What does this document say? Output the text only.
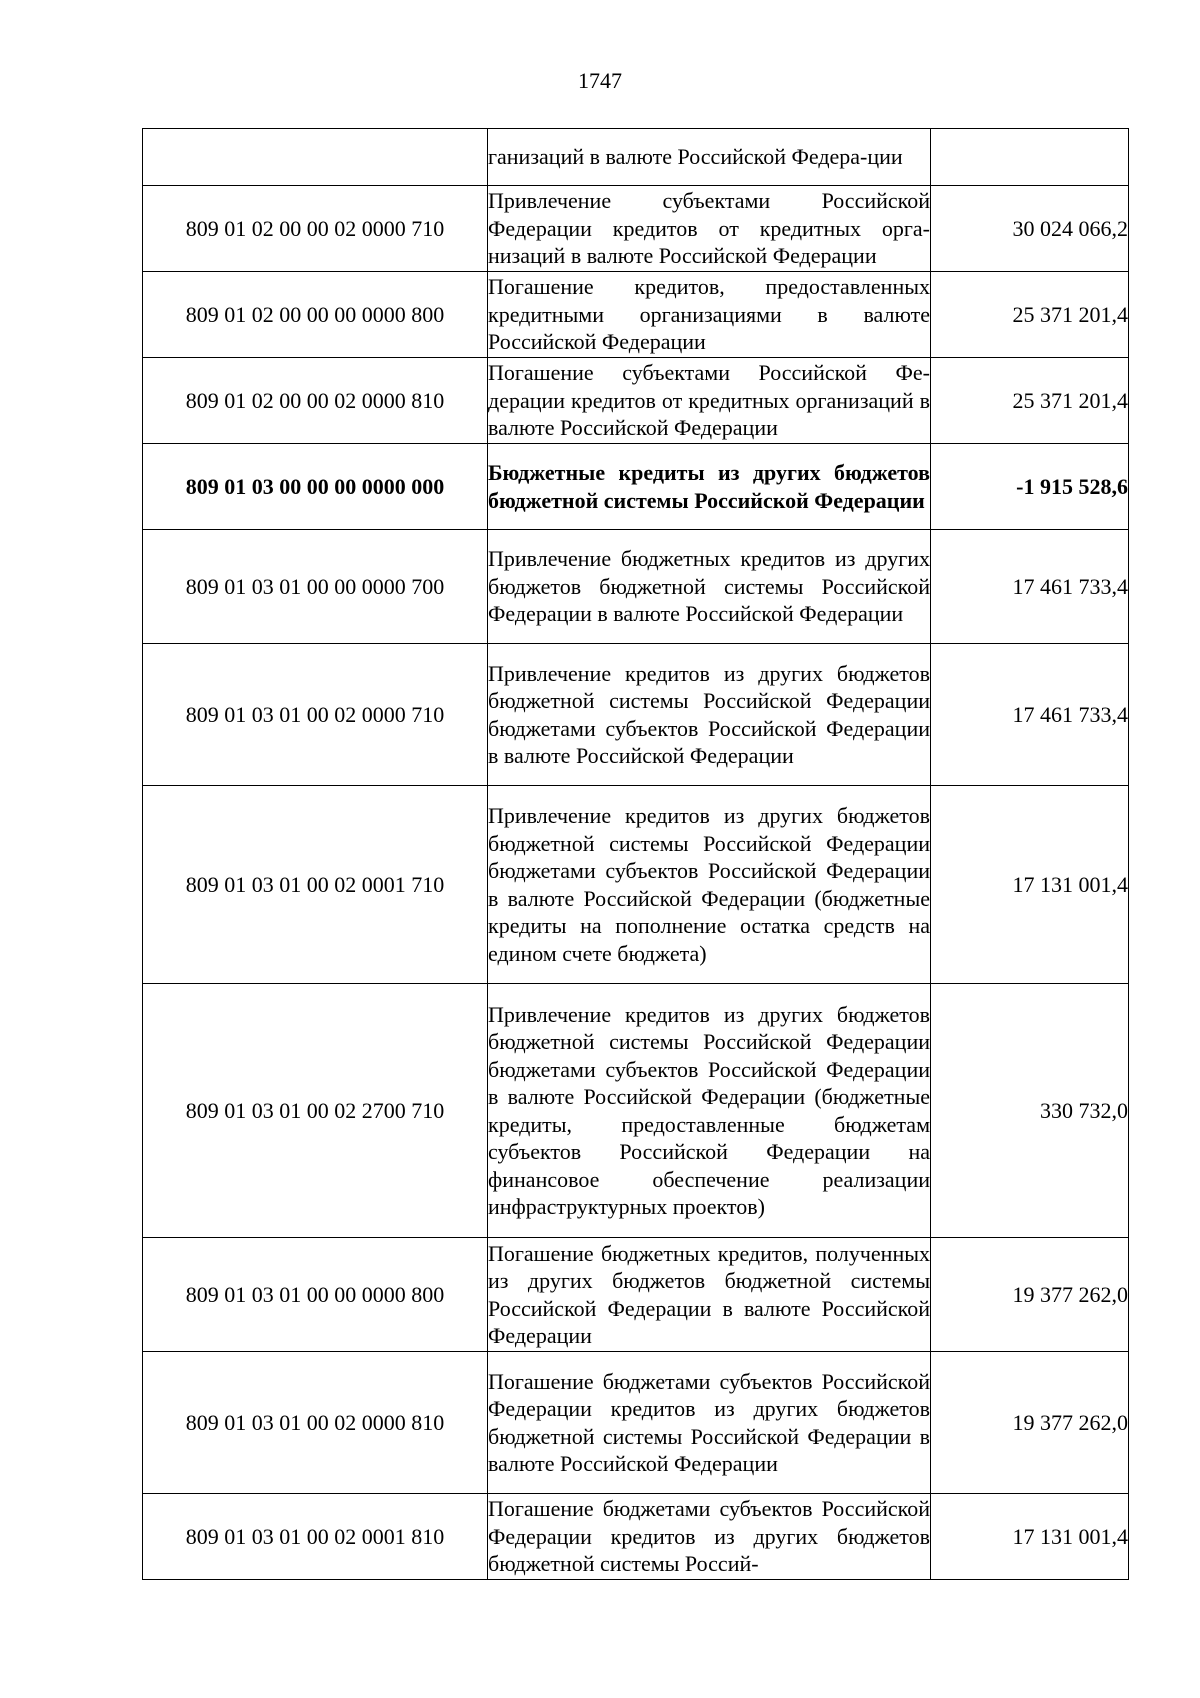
1747
	ганизаций в валюте Российской Федера-ции	
809 01 02 00 00 02 0000 710	Привлечение субъектами Российской Федерации кредитов от кредитных организаций в валюте Российской Федерации	30 024 066,2
809 01 02 00 00 00 0000 800	Погашение кредитов, предоставленных кредитными организациями в валюте Российской Федерации	25 371 201,4
809 01 02 00 00 02 0000 810	Погашение субъектами Российской Федерации кредитов от кредитных организаций в валюте Российской Федерации	25 371 201,4
809 01 03 00 00 00 0000 000	Бюджетные кредиты из других бюджетов бюджетной системы Российской Федерации	-1 915 528,6
809 01 03 01 00 00 0000 700	Привлечение бюджетных кредитов из других бюджетов бюджетной системы Российской Федерации в валюте Российской Федерации	17 461 733,4
809 01 03 01 00 02 0000 710	Привлечение кредитов из других бюджетов бюджетной системы Российской Федерации бюджетами субъектов Российской Федерации в валюте Российской Федерации	17 461 733,4
809 01 03 01 00 02 0001 710	Привлечение кредитов из других бюджетов бюджетной системы Российской Федерации бюджетами субъектов Российской Федерации в валюте Российской Федерации (бюджетные кредиты на пополнение остатка средств на едином счете бюджета)	17 131 001,4
809 01 03 01 00 02 2700 710	Привлечение кредитов из других бюджетов бюджетной системы Российской Федерации бюджетами субъектов Российской Федерации в валюте Российской Федерации (бюджетные кредиты, предоставленные бюджетам субъектов Российской Федерации на финансовое обеспечение реализации инфраструктурных проектов)	330 732,0
809 01 03 01 00 00 0000 800	Погашение бюджетных кредитов, полученных из других бюджетов бюджетной системы Российской Федерации в валюте Российской Федерации	19 377 262,0
809 01 03 01 00 02 0000 810	Погашение бюджетами субъектов Российской Федерации кредитов из других бюджетов бюджетной системы Российской Федерации в валюте Российской Федерации	19 377 262,0
809 01 03 01 00 02 0001 810	Погашение бюджетами субъектов Российской Федерации кредитов из других бюджетов бюджетной системы Россий-	17 131 001,4
